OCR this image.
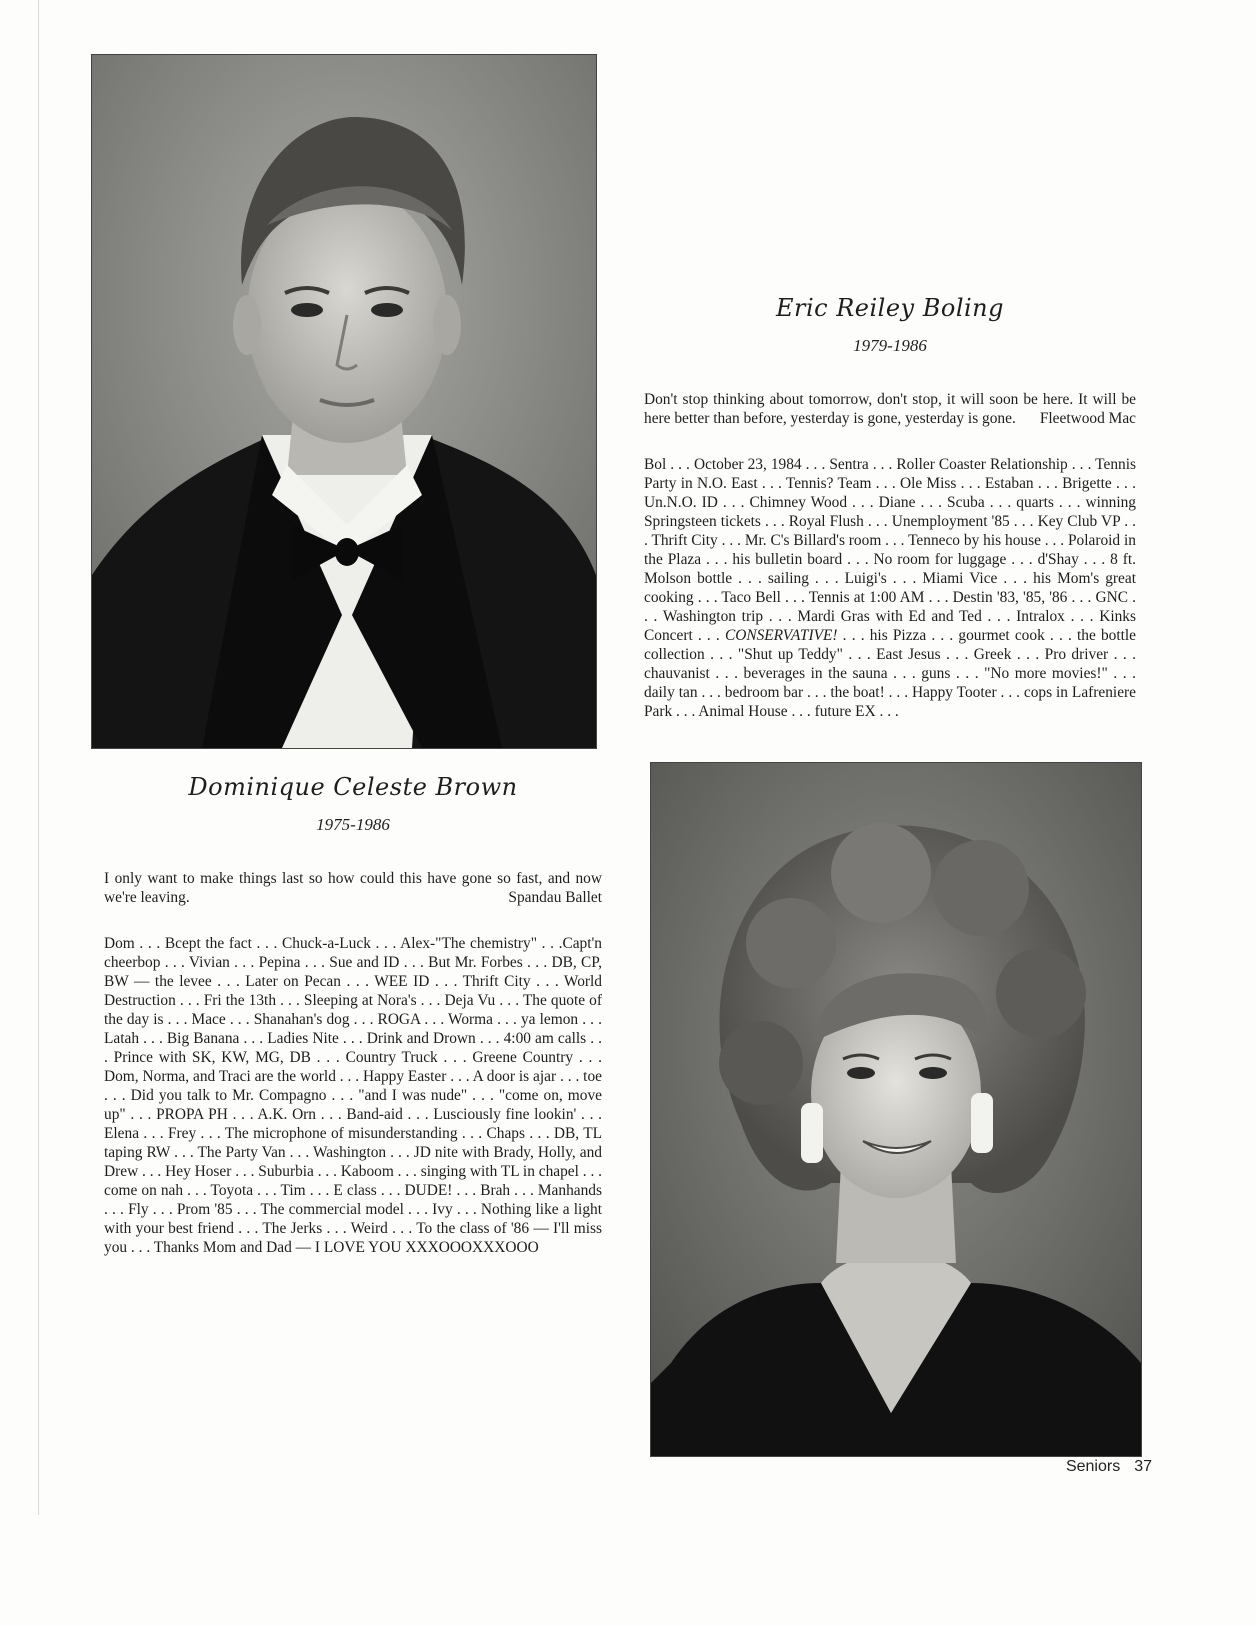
Eric Reiley Boling
1979-1986
Don't stop thinking about tomorrow, don't stop, it will soon be here. It will be here better than before, yesterday is gone, yesterday is gone.	Fleetwood Mac
Bol . . . October 23, 1984 . . . Sentra . . . Roller Coaster Relationship . . . Tennis Party in N.O. East . . . Tennis? Team . . . Ole Miss . . . Estaban . . . Brigette . . . Un.N.O. ID . . . Chimney Wood . . . Diane . . . Scuba . . . quarts . . . winning Springsteen tickets . . . Royal Flush . . . Unemployment '85 . . . Key Club VP . . . Thrift City . . . Mr. C's Billard's room . . . Tenneco by his house . . . Polaroid in the Plaza . . . his bulletin board . . . No room for luggage . . . d'Shay . . . 8 ft. Molson bottle . . . sailing . . . Luigi's . . . Miami Vice . . . his Mom's great cooking . . . Taco Bell . . . Tennis at 1:00 AM . . . Destin '83, '85, '86 . . . GNC . . . Washington trip . . . Mardi Gras with Ed and Ted . . . Intralox . . . Kinks Concert . . . CONSERVATIVE! . . . his Pizza . . . gourmet cook . . . the bottle collection . . . "Shut up Teddy" . . . East Jesus . . . Greek . . . Pro driver . . . chauvanist . . . beverages in the sauna . . . guns . . . "No more movies!" . . . daily tan . . . bedroom bar . . . the boat! . . . Happy Tooter . . . cops in Lafreniere Park . . . Animal House . . . future EX . . .
Dominique Celeste Brown
1975-1986
I only want to make things last so how could this have gone so fast, and now we're leaving.	Spandau Ballet
Dom . . . Bcept the fact . . . Chuck-a-Luck . . . Alex-"The chemistry" . . .Capt'n cheerbop . . . Vivian . . . Pepina . . . Sue and ID . . . But Mr. Forbes . . . DB, CP, BW — the levee . . . Later on Pecan . . . WEE ID . . . Thrift City . . . World Destruction . . . Fri the 13th . . . Sleeping at Nora's . . . Deja Vu . . . The quote of the day is . . . Mace . . . Shanahan's dog . . . ROGA . . . Worma . . . ya lemon . . . Latah . . . Big Banana . . . Ladies Nite . . . Drink and Drown . . . 4:00 am calls . . . Prince with SK, KW, MG, DB . . . Country Truck . . . Greene Country . . . Dom, Norma, and Traci are the world . . . Happy Easter . . . A door is ajar . . . toe . . . Did you talk to Mr. Compagno . . . "and I was nude" . . . "come on, move up" . . . PROPA PH . . . A.K. Orn . . . Band-aid . . . Lusciously fine lookin' . . . Elena . . . Frey . . . The microphone of misunderstanding . . . Chaps . . . DB, TL taping RW . . . The Party Van . . . Washington . . . JD nite with Brady, Holly, and Drew . . . Hey Hoser . . . Suburbia . . . Kaboom . . . singing with TL in chapel . . . come on nah . . . Toyota . . . Tim . . . E class . . . DUDE! . . . Brah . . . Manhands . . . Fly . . . Prom '85 . . . The commercial model . . . Ivy . . . Nothing like a light with your best friend . . . The Jerks . . . Weird . . . To the class of '86 — I'll miss you . . . Thanks Mom and Dad — I LOVE YOU XXXOOOXXXOOO
Seniors 37
